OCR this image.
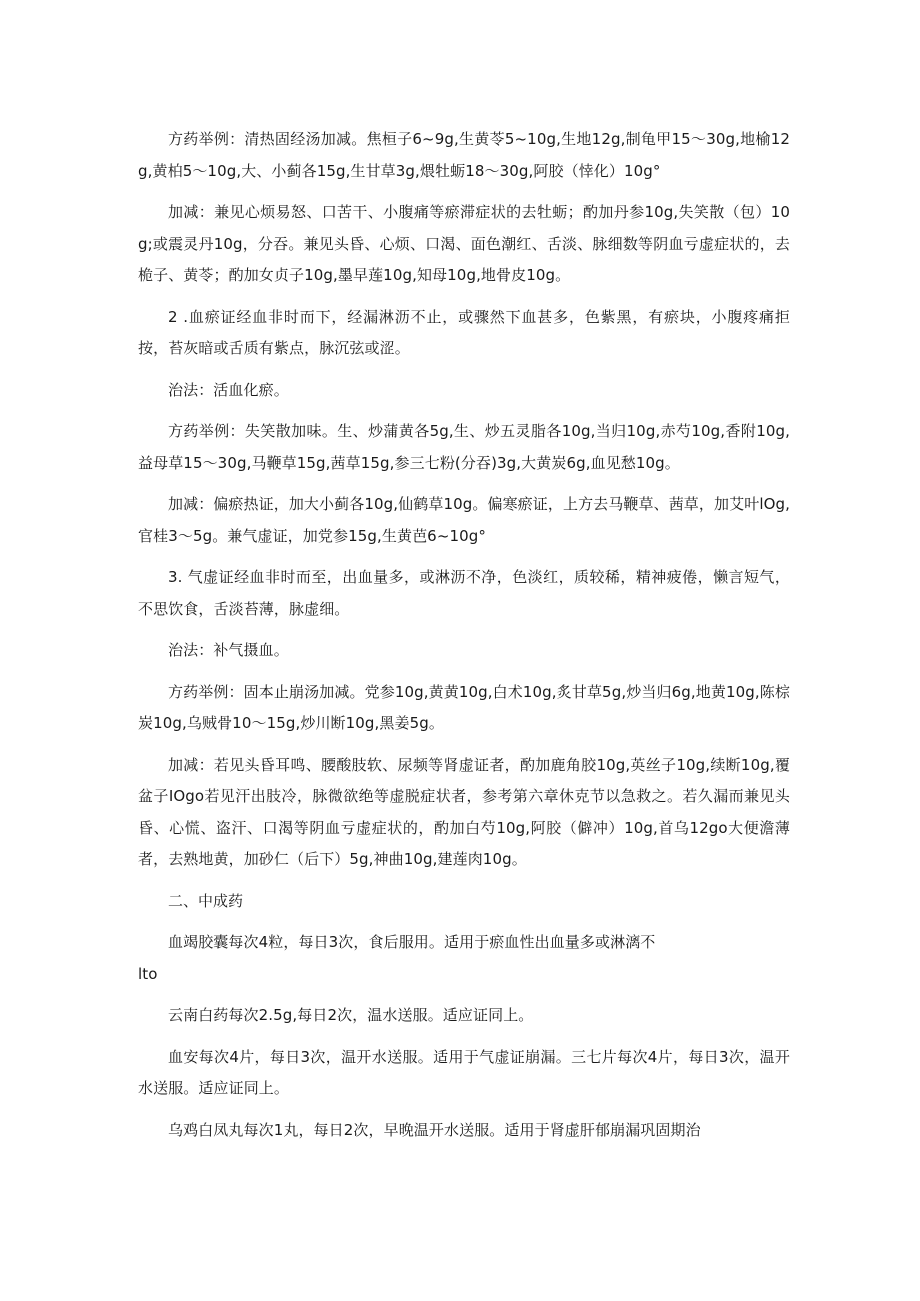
方药举例：清热固经汤加减。焦桓子6~9g,生黄苓5~10g,生地12g,制龟甲15～30g,地榆12g,黄柏5～10g,大、小蓟各15g,生甘草3g,煨牡蛎18～30g,阿胶（悻化）10g°

加减：兼见心烦易怒、口苦干、小腹痛等瘀滞症状的去牡蛎；酌加丹参10g,失笑散（包）10g;或震灵丹10g，分吞。兼见头昏、心烦、口渴、面色潮红、舌淡、脉细数等阴血亏虚症状的，去桅子、黄苓；酌加女贞子10g,墨早莲10g,知母10g,地骨皮10g。

2 .血瘀证经血非时而下，经漏淋沥不止，或骤然下血甚多，色紫黑，有瘀块，小腹疼痛拒按，苔灰暗或舌质有紫点，脉沉弦或涩。

治法：活血化瘀。

方药举例：失笑散加味。生、炒蒲黄各5g,生、炒五灵脂各10g,当归10g,赤芍10g,香附10g,益母草15～30g,马鞭草15g,茜草15g,参三七粉(分吞)3g,大黄炭6g,血见愁10g。

加减：偏瘀热证，加大小蓟各10g,仙鹤草10g。偏寒瘀证，上方去马鞭草、茜草，加艾叶lOg,官桂3～5g。兼气虚证，加党参15g,生黄芭6~10g°

3. 气虚证经血非时而至，出血量多，或淋沥不净，色淡红，质较稀，精神疲倦，懒言短气，不思饮食，舌淡苔薄，脉虚细。

治法：补气摄血。

方药举例：固本止崩汤加减。党参10g,黄黄10g,白术10g,炙甘草5g,炒当归6g,地黄10g,陈棕炭10g,乌贼骨10～15g,炒川断10g,黑姜5g。

加减：若见头昏耳鸣、腰酸肢软、尿频等肾虚证者，酌加鹿角胶10g,英丝子10g,续断10g,覆盆子IOgo若见汗出肢冷，脉微欲绝等虚脱症状者，参考第六章休克节以急救之。若久漏而兼见头昏、心慌、盗汗、口渴等阴血亏虚症状的，酌加白芍10g,阿胶（僻冲）10g,首乌12go大便澹薄者，去熟地黄，加砂仁（后下）5g,神曲10g,建莲肉10g。

二、中成药

血竭胶囊每次4粒，每日3次，食后服用。适用于瘀血性出血量多或淋漓不

lto

云南白药每次2.5g,每日2次，温水送服。适应证同上。

血安每次4片，每日3次，温开水送服。适用于气虚证崩漏。三七片每次4片，每日3次，温开水送服。适应证同上。

乌鸡白凤丸每次1丸，每日2次，早晚温开水送服。适用于肾虚肝郁崩漏巩固期治
